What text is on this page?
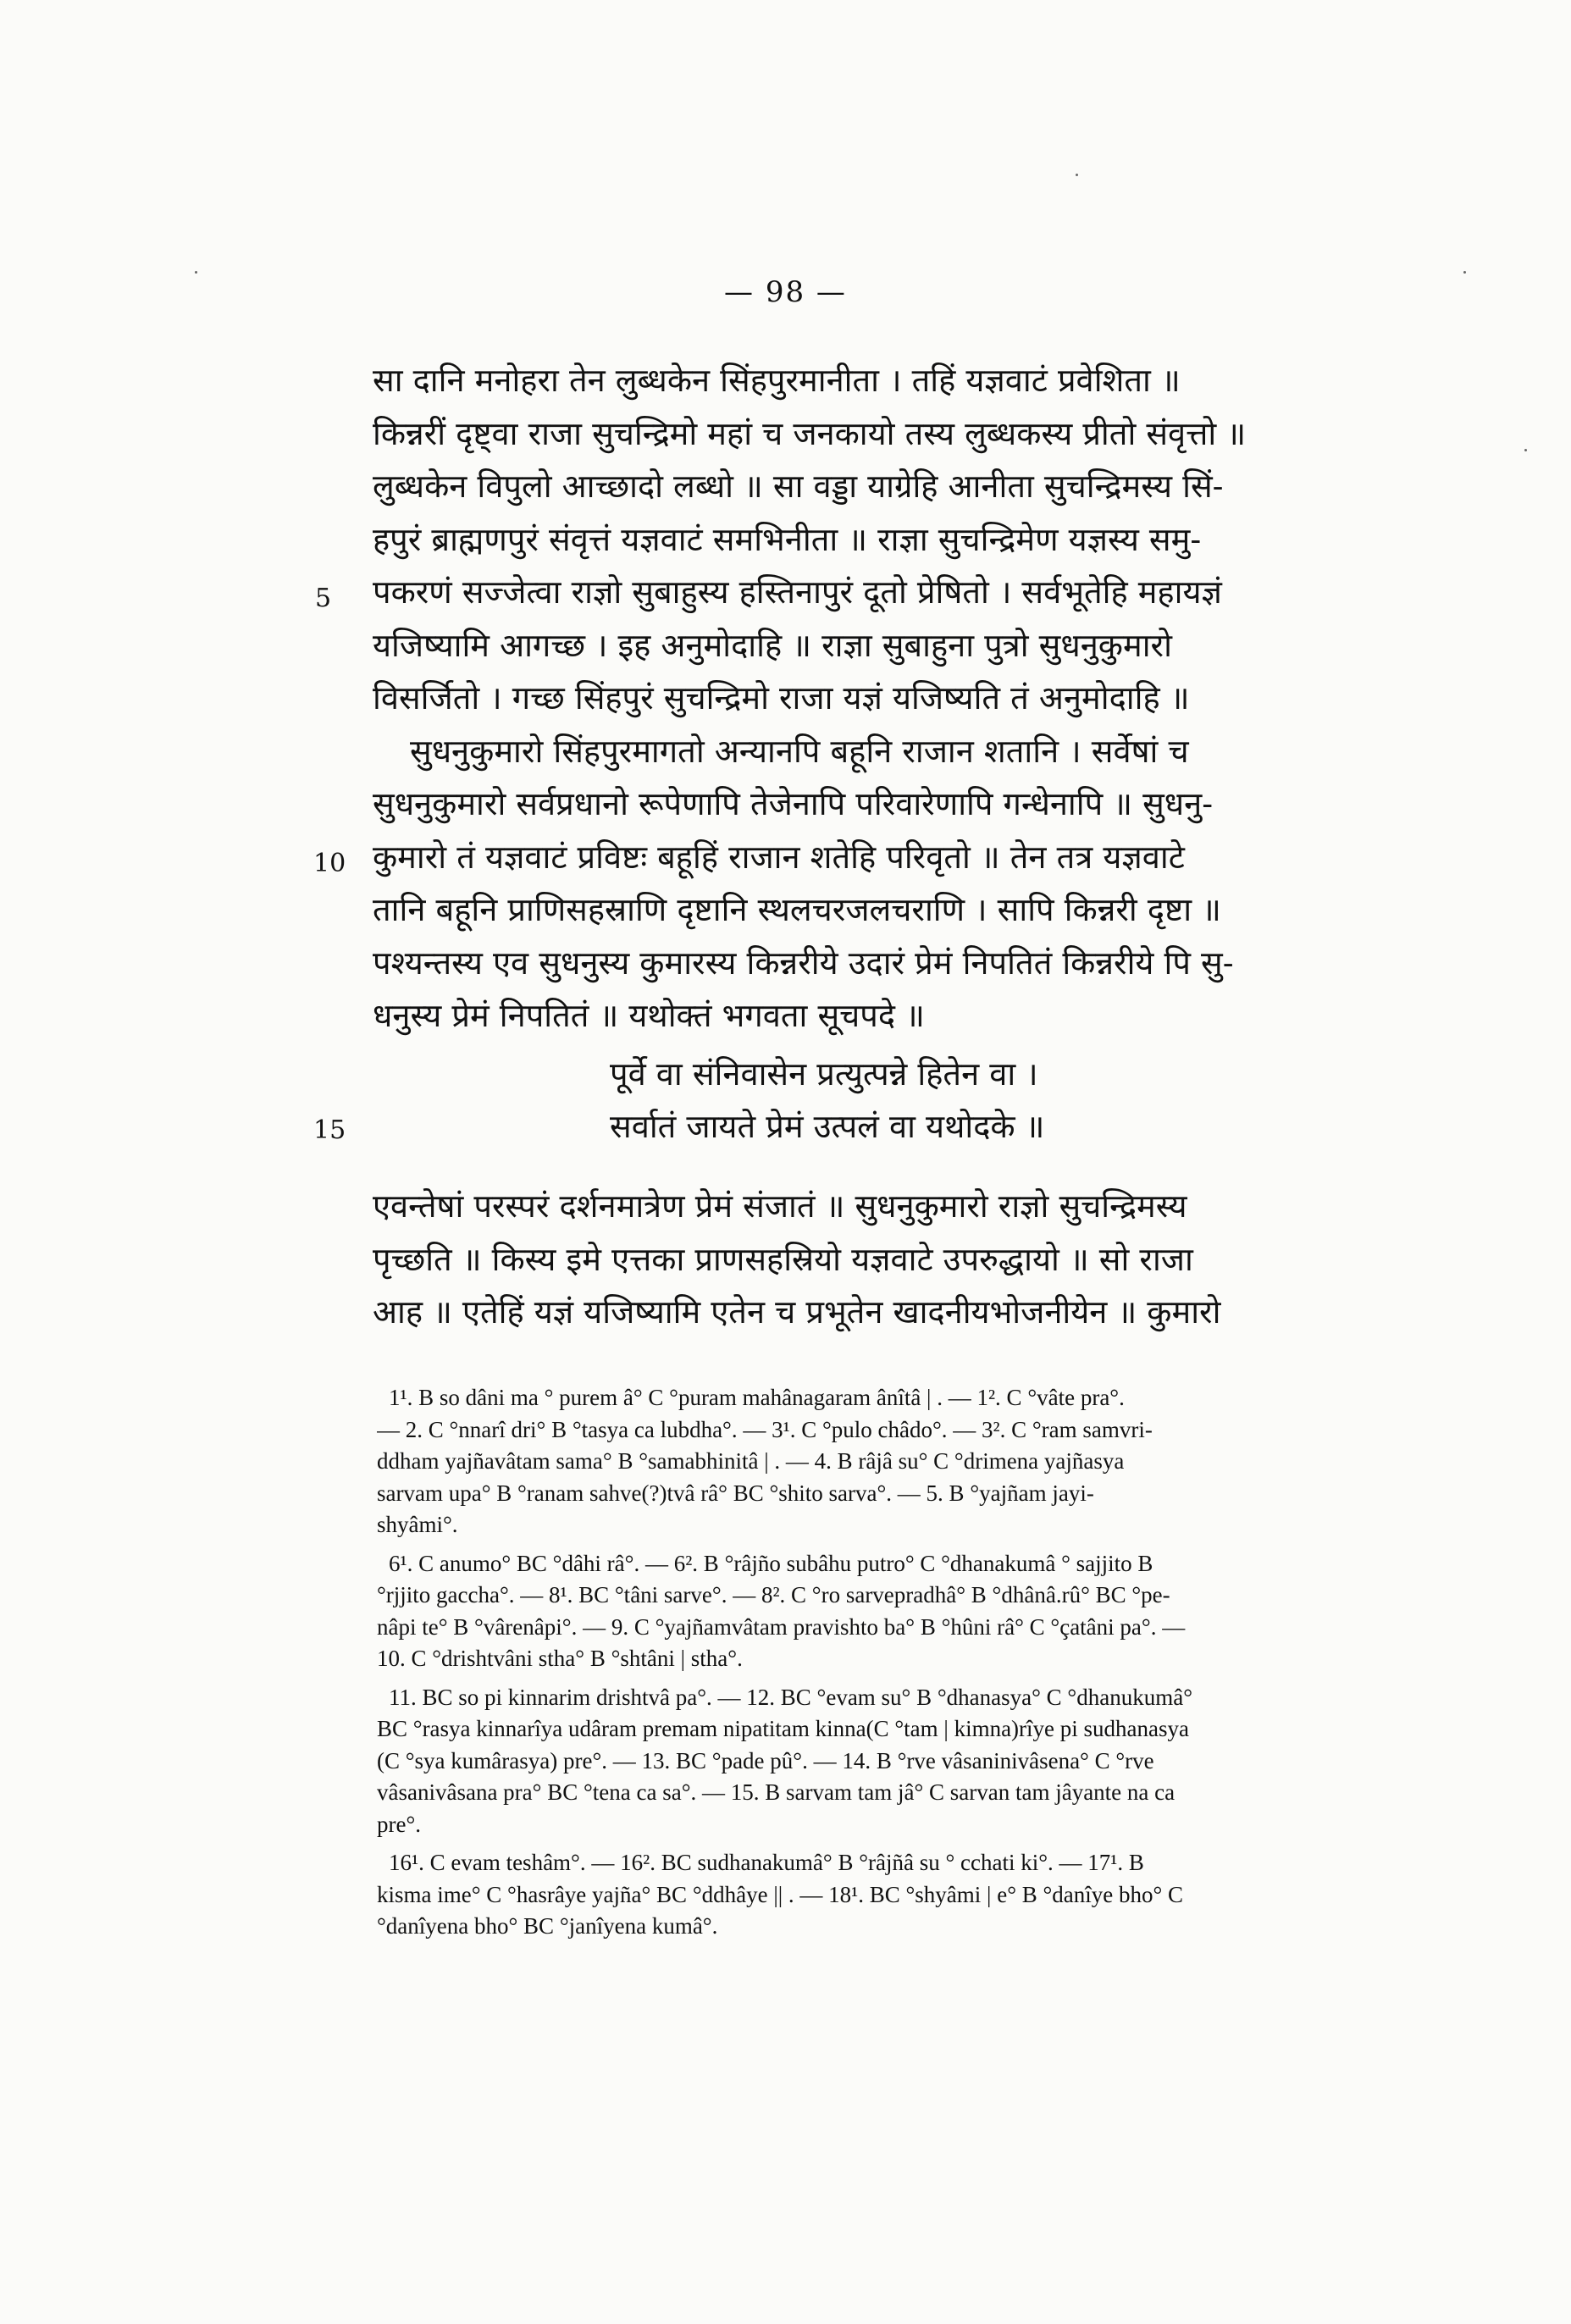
— 98 —
सा दानि मनोहरा तेन लुब्धकेन सिंहपुरमानीता । तहिं यज्ञवाटं प्रवेशिता ॥
किन्नरीं दृष्ट्वा राजा सुचन्द्रिमो महां च जनकायो तस्य लुब्धकस्य प्रीतो संवृत्तो ॥
लुब्धकेन विपुलो आच्छादो लब्धो ॥ सा वड्डा याग्रेहि आनीता सुचन्द्रिमस्य सिं-
हपुरं ब्राह्मणपुरं संवृत्तं यज्ञवाटं समभिनीता ॥ राज्ञा सुचन्द्रिमेण यज्ञस्य समु-
पकरणं सज्जेत्वा राज्ञो सुबाहुस्य हस्तिनापुरं दूतो प्रेषितो । सर्वभूतेहि महायज्ञं
यजिष्यामि आगच्छ । इह अनुमोदाहि ॥ राज्ञा सुबाहुना पुत्रो सुधनुकुमारो
विसर्जितो । गच्छ सिंहपुरं सुचन्द्रिमो राजा यज्ञं यजिष्यति तं अनुमोदाहि ॥
सुधनुकुमारो सिंहपुरमागतो अन्यानपि बहूनि राजान शतानि । सर्वेषां च
सुधनुकुमारो सर्वप्रधानो रूपेणापि तेजेनापि परिवारेणापि गन्धेनापि ॥ सुधनु-
कुमारो तं यज्ञवाटं प्रविष्टः बहूहिं राजान शतेहि परिवृतो ॥ तेन तत्र यज्ञवाटे
तानि बहूनि प्राणिसहस्राणि दृष्टानि स्थलचरजलचराणि । सापि किन्नरी दृष्टा ॥
पश्यन्तस्य एव सुधनुस्य कुमारस्य किन्नरीये उदारं प्रेमं निपतितं किन्नरीये पि सु-
धनुस्य प्रेमं निपतितं ॥ यथोक्तं भगवता सूचपदे ॥
5
10
15
पूर्वे वा संनिवासेन प्रत्युत्पन्ने हितेन वा ।
सर्वातं जायते प्रेमं उत्पलं वा यथोदके ॥
एवन्तेषां परस्परं दर्शनमात्रेण प्रेमं संजातं ॥ सुधनुकुमारो राज्ञो सुचन्द्रिमस्य
पृच्छति ॥ किस्य इमे एत्तका प्राणसहस्रियो यज्ञवाटे उपरुद्धायो ॥ सो राजा
आह ॥ एतेहिं यज्ञं यजिष्यामि एतेन च प्रभूतेन खादनीयभोजनीयेन ॥ कुमारो
1¹. B so dâni ma ° purem â° C °puram mahânagaram ânîtâ | . — 1². C °vâte pra°.
— 2. C °nnarî dri° B °tasya ca lubdha°. — 3¹. C °pulo châdo°. — 3². C °ram samvri-
ddham yajñavâtam sama° B °samabhinitâ | . — 4. B râjâ su° C °drimena yajñasya
sarvam upa° B °ranam sahve(?)tvâ râ° BC °shito sarva°. — 5. B °yajñam jayi-
shyâmi°.
6¹. C anumo° BC °dâhi râ°. — 6². B °râjño subâhu putro° C °dhanakumâ ° sajjito B
°rjjito gaccha°. — 8¹. BC °tâni sarve°. — 8². C °ro sarvepradhâ° B °dhânâ.rû° BC °pe-
nâpi te° B °vârenâpi°. — 9. C °yajñamvâtam pravishto ba° B °hûni râ° C °çatâni pa°. —
10. C °drishtvâni stha° B °shtâni | stha°.
11. BC so pi kinnarim drishtvâ pa°. — 12. BC °evam su° B °dhanasya° C °dhanukumâ°
BC °rasya kinnarîya udâram premam nipatitam kinna(C °tam | kimna)rîye pi sudhanasya
(C °sya kumârasya) pre°. — 13. BC °pade pû°. — 14. B °rve vâsaninivâsena° C °rve
vâsanivâsana pra° BC °tena ca sa°. — 15. B sarvam tam jâ° C sarvan tam jâyante na ca
pre°.
16¹. C evam teshâm°. — 16². BC sudhanakumâ° B °râjñâ su ° cchati ki°. — 17¹. B
kisma ime° C °hasrâye yajña° BC °ddhâye || . — 18¹. BC °shyâmi | e° B °danîye bho° C
°danîyena bho° BC °janîyena kumâ°.
